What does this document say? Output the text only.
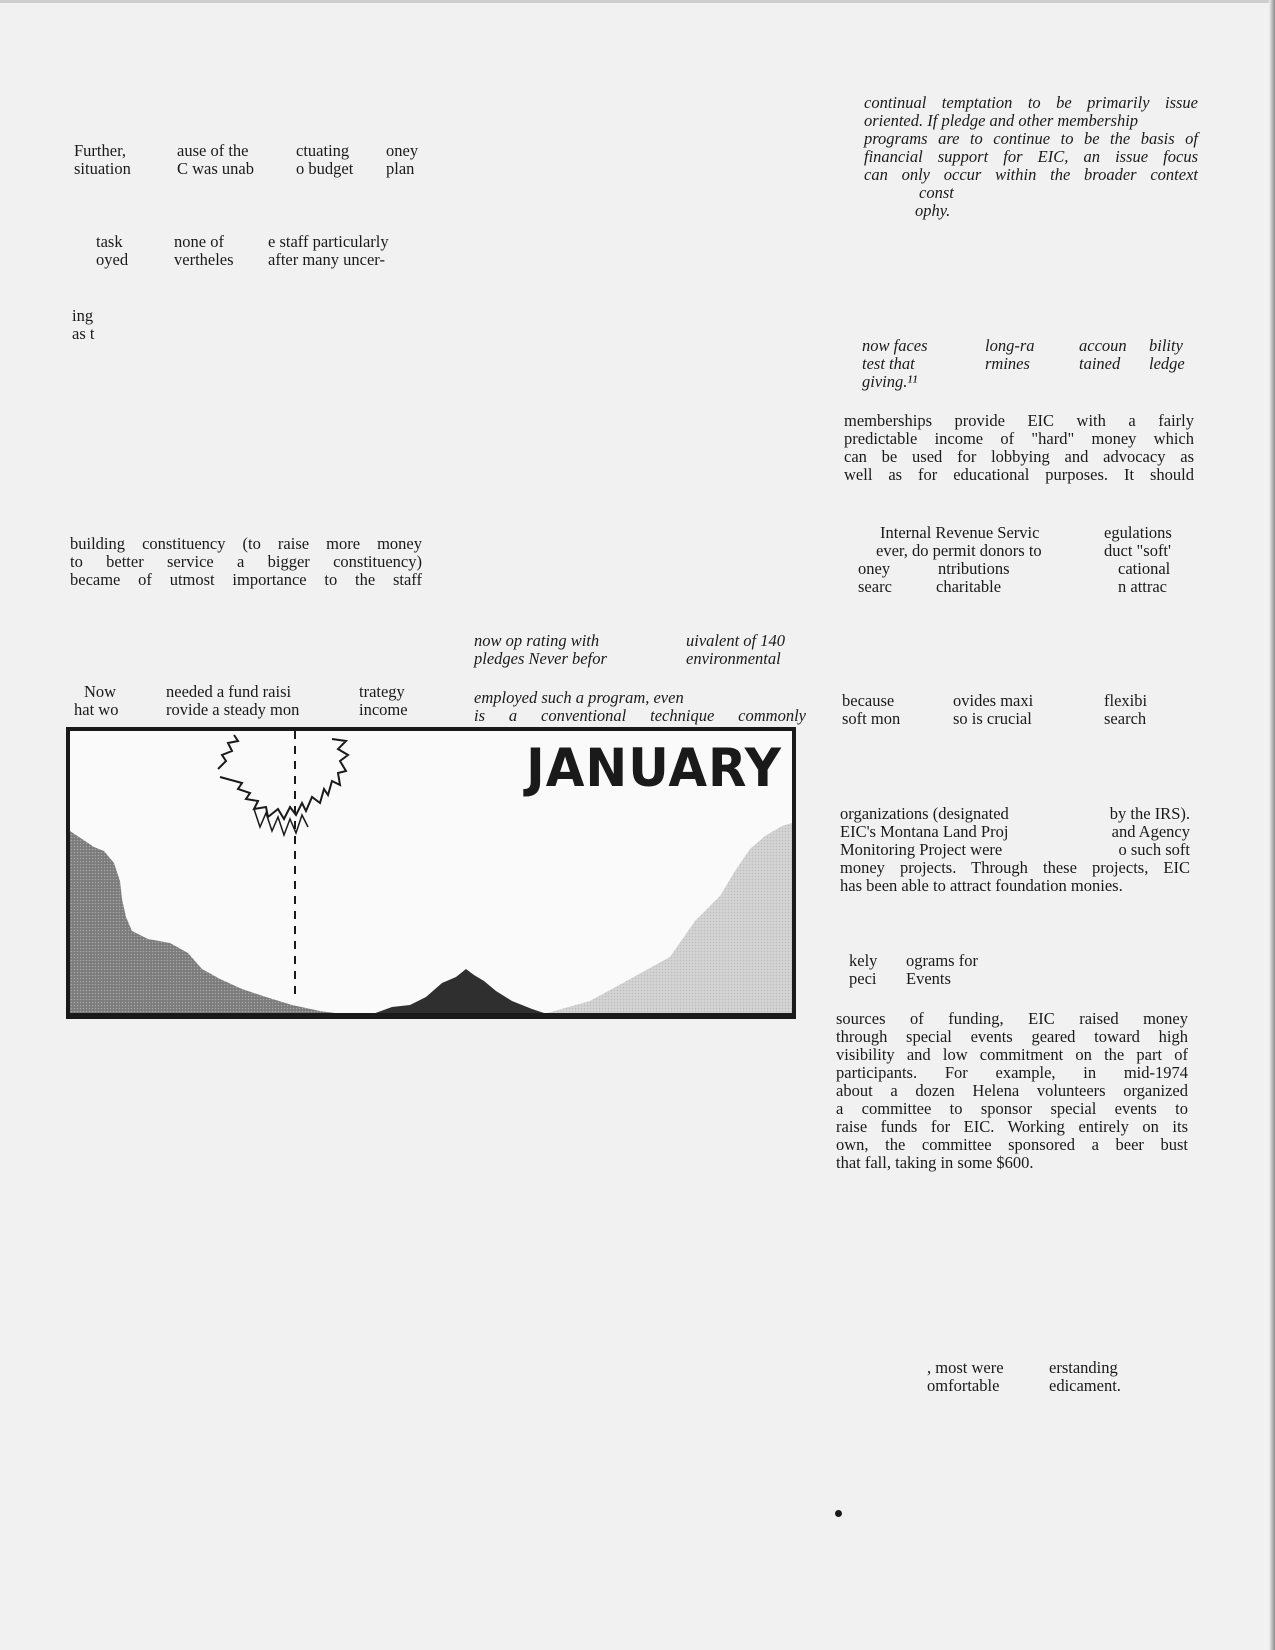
Further,
situation
ause of the
C was unab
ctuating
o budget
oney
plan
task
oyed
none of
vertheles
e staff particularly
after many uncer-
ing
as t
building constituency (to raise more money
to better service a bigger constituency)
became of utmost importance to the staff
Now
hat wo
needed a fund raisi
rovide a steady mon
trategy
income
now op rating with
pledges Never befor
uivalent of 140
environmental
employed such a program, even
is a conventional technique commonly
JANUARY
continual temptation to be primarily issue
oriented. If pledge and other membership
programs are to continue to be the basis of
financial support for EIC, an issue focus
can only occur within the broader context
const
ophy.
now faces
test that
giving.¹¹
long-ra
rmines
accoun
tained
bility
ledge
memberships provide EIC with a fairly
predictable income of "hard" money which
can be used for lobbying and advocacy as
well as for educational purposes. It should
Internal Revenue Servic
ever, do permit donors to
egulations
duct "soft'
oney
searc
ntributions
charitable
cational
n attrac
because
soft mon
ovides maxi
so is crucial
flexibi
search
organizations (designated
EIC's Montana Land Proj
Monitoring Project were
by the IRS).
and Agency
o such soft
money projects. Through these projects, EIC
has been able to attract foundation monies.
kely
peci
ograms for
Events
sources of funding, EIC raised money
through special events geared toward high
visibility and low commitment on the part of
participants. For example, in mid-1974
about a dozen Helena volunteers organized
a committee to sponsor special events to
raise funds for EIC. Working entirely on its
own, the committee sponsored a beer bust
that fall, taking in some $600.
, most were
omfortable
erstanding
edicament.
